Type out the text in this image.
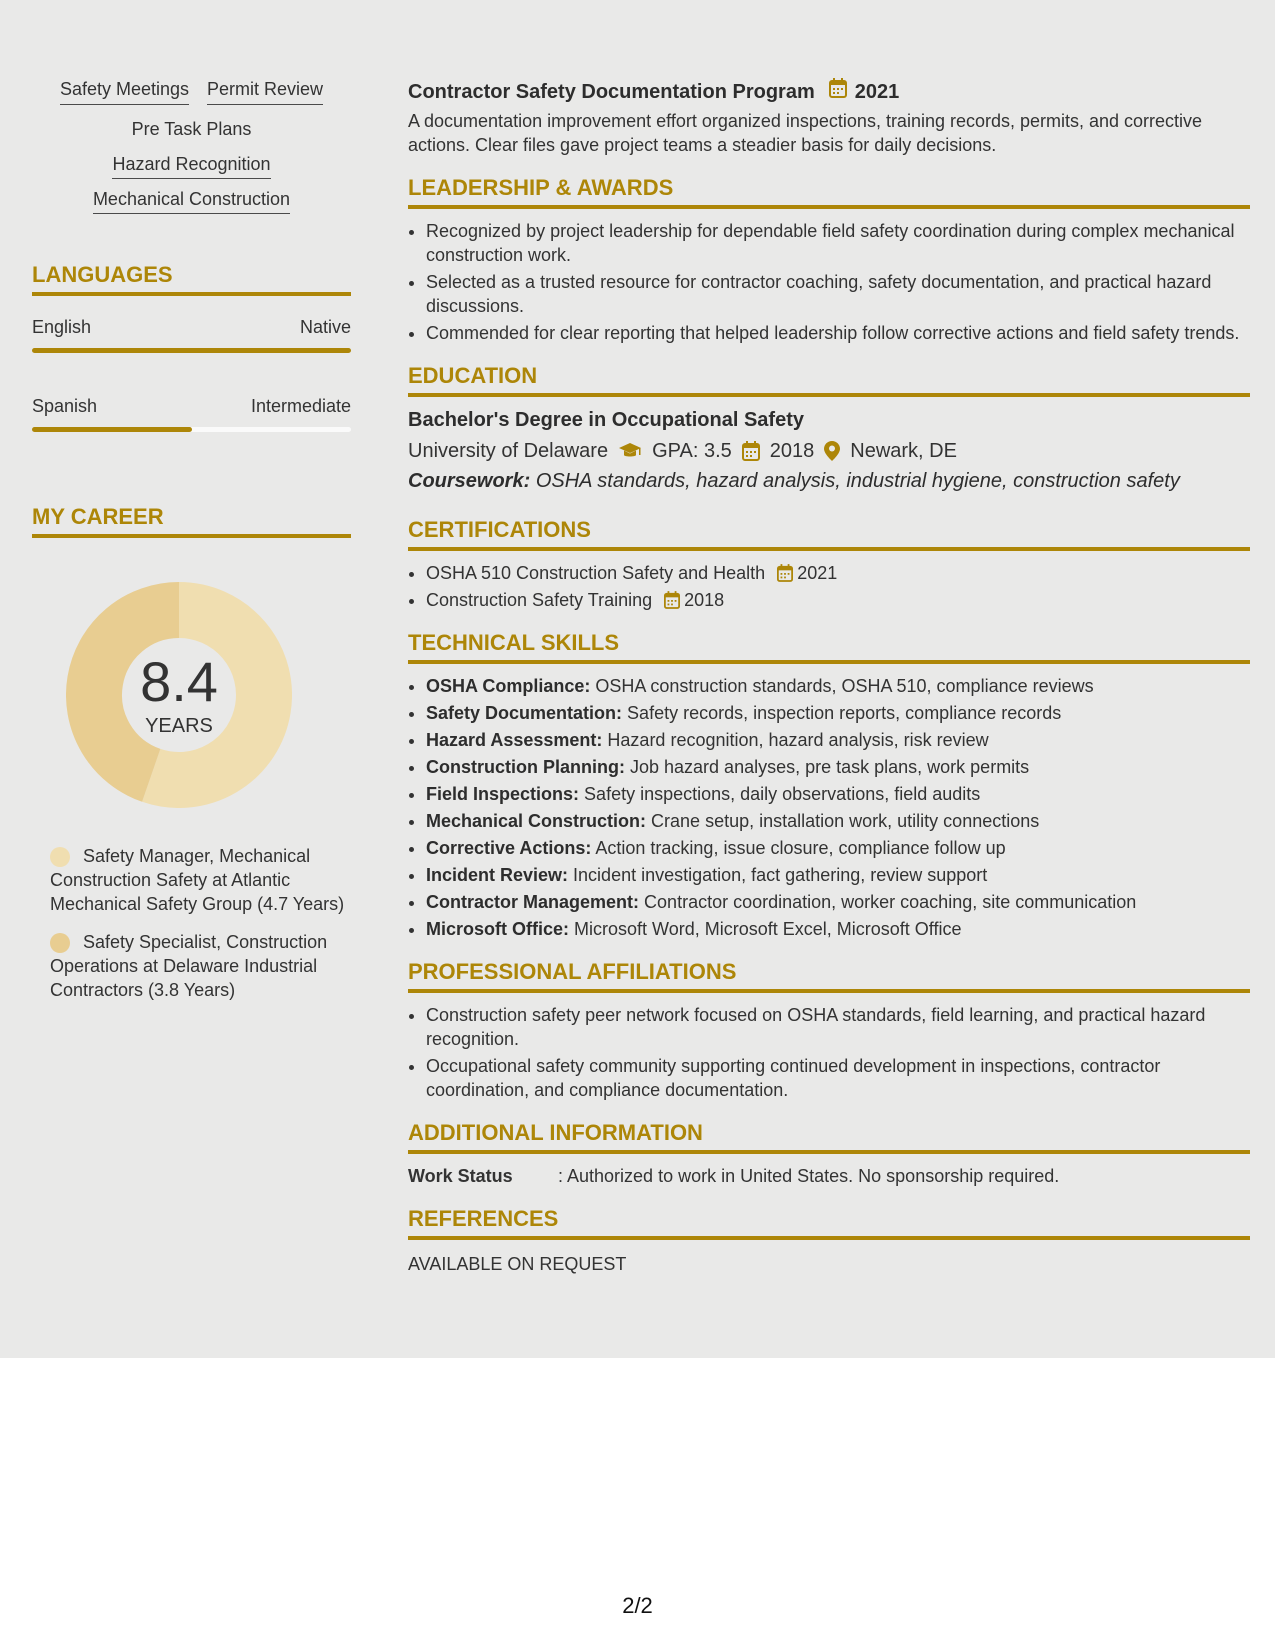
Safety Meetings Permit Review
Pre Task Plans
Hazard Recognition
Mechanical Construction
LANGUAGES
English	Native
Spanish	Intermediate
MY CAREER
8.4
YEARS
Safety Manager, Mechanical Construction Safety at Atlantic Mechanical Safety Group (4.7 Years)
Safety Specialist, Construction Operations at Delaware Industrial Contractors (3.8 Years)
Contractor Safety Documentation Program 2021

A documentation improvement effort organized inspections, training records, permits, and corrective actions. Clear files gave project teams a steadier basis for daily decisions.

LEADERSHIP & AWARDS
• Recognized by project leadership for dependable field safety coordination during complex mechanical construction work.
• Selected as a trusted resource for contractor coaching, safety documentation, and practical hazard discussions.
• Commended for clear reporting that helped leadership follow corrective actions and field safety trends.
EDUCATION
Bachelor's Degree in Occupational Safety
University of Delaware GPA: 3.5 2018 Newark, DE
Coursework: OSHA standards, hazard analysis, industrial hygiene, construction safety
CERTIFICATIONS
• OSHA 510 Construction Safety and Health 2021
• Construction Safety Training 2018
TECHNICAL SKILLS
• OSHA Compliance: OSHA construction standards, OSHA 510, compliance reviews
• Safety Documentation: Safety records, inspection reports, compliance records
• Hazard Assessment: Hazard recognition, hazard analysis, risk review
• Construction Planning: Job hazard analyses, pre task plans, work permits
• Field Inspections: Safety inspections, daily observations, field audits
• Mechanical Construction: Crane setup, installation work, utility connections
• Corrective Actions: Action tracking, issue closure, compliance follow up
• Incident Review: Incident investigation, fact gathering, review support
• Contractor Management: Contractor coordination, worker coaching, site communication
• Microsoft Office: Microsoft Word, Microsoft Excel, Microsoft Office
PROFESSIONAL AFFILIATIONS
• Construction safety peer network focused on OSHA standards, field learning, and practical hazard recognition.
• Occupational safety community supporting continued development in inspections, contractor coordination, and compliance documentation.
ADDITIONAL INFORMATION
Work Status	: Authorized to work in United States. No sponsorship required.
REFERENCES
AVAILABLE ON REQUEST
2/2
